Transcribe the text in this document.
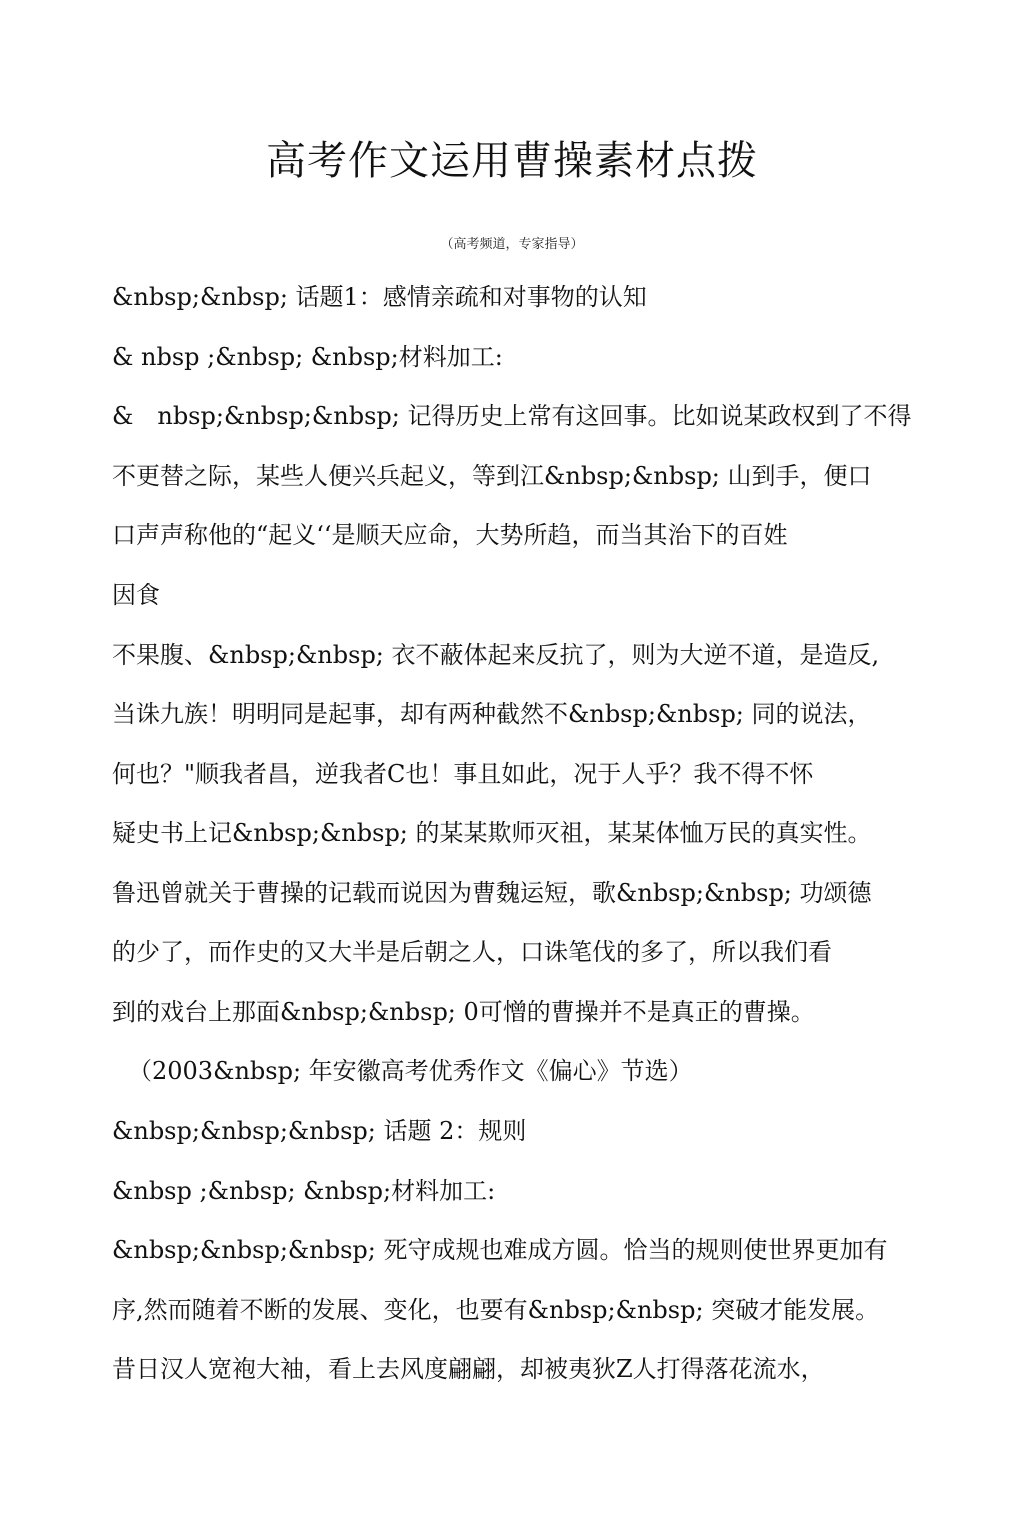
高考作文运用曹操素材点拨
（高考频道，专家指导）
&nbsp;&nbsp; 话题1：感情亲疏和对事物的认知
& nbsp ;&nbsp; &nbsp;材料加工:
&　nbsp;&nbsp;&nbsp; 记得历史上常有这回事。比如说某政权到了不得
不更替之际，某些人便兴兵起义，等到江&nbsp;&nbsp; 山到手，便口
口声声称他的“起义‘‘是顺天应命，大势所趋，而当其治下的百姓
因食
不果腹、&nbsp;&nbsp; 衣不蔽体起来反抗了，则为大逆不道，是造反,
当诛九族！明明同是起事，却有两种截然不&nbsp;&nbsp; 同的说法，
何也？"顺我者昌，逆我者C也！事且如此，况于人乎？我不得不怀
疑史书上记&nbsp;&nbsp; 的某某欺师灭祖，某某体恤万民的真实性。
鲁迅曾就关于曹操的记载而说因为曹魏运短，歌&nbsp;&nbsp; 功颂德
的少了，而作史的又大半是后朝之人，口诛笔伐的多了，所以我们看
到的戏台上那面&nbsp;&nbsp; 0可憎的曹操并不是真正的曹操。
（2003&nbsp; 年安徽高考优秀作文《偏心》节选）
&nbsp;&nbsp;&nbsp; 话题 2：规则
&nbsp ;&nbsp; &nbsp;材料加工:
&nbsp;&nbsp;&nbsp; 死守成规也难成方圆。恰当的规则使世界更加有
序,然而随着不断的发展、变化，也要有&nbsp;&nbsp; 突破才能发展。
昔日汉人宽袍大袖，看上去风度翩翩，却被夷狄Z人打得落花流水，
